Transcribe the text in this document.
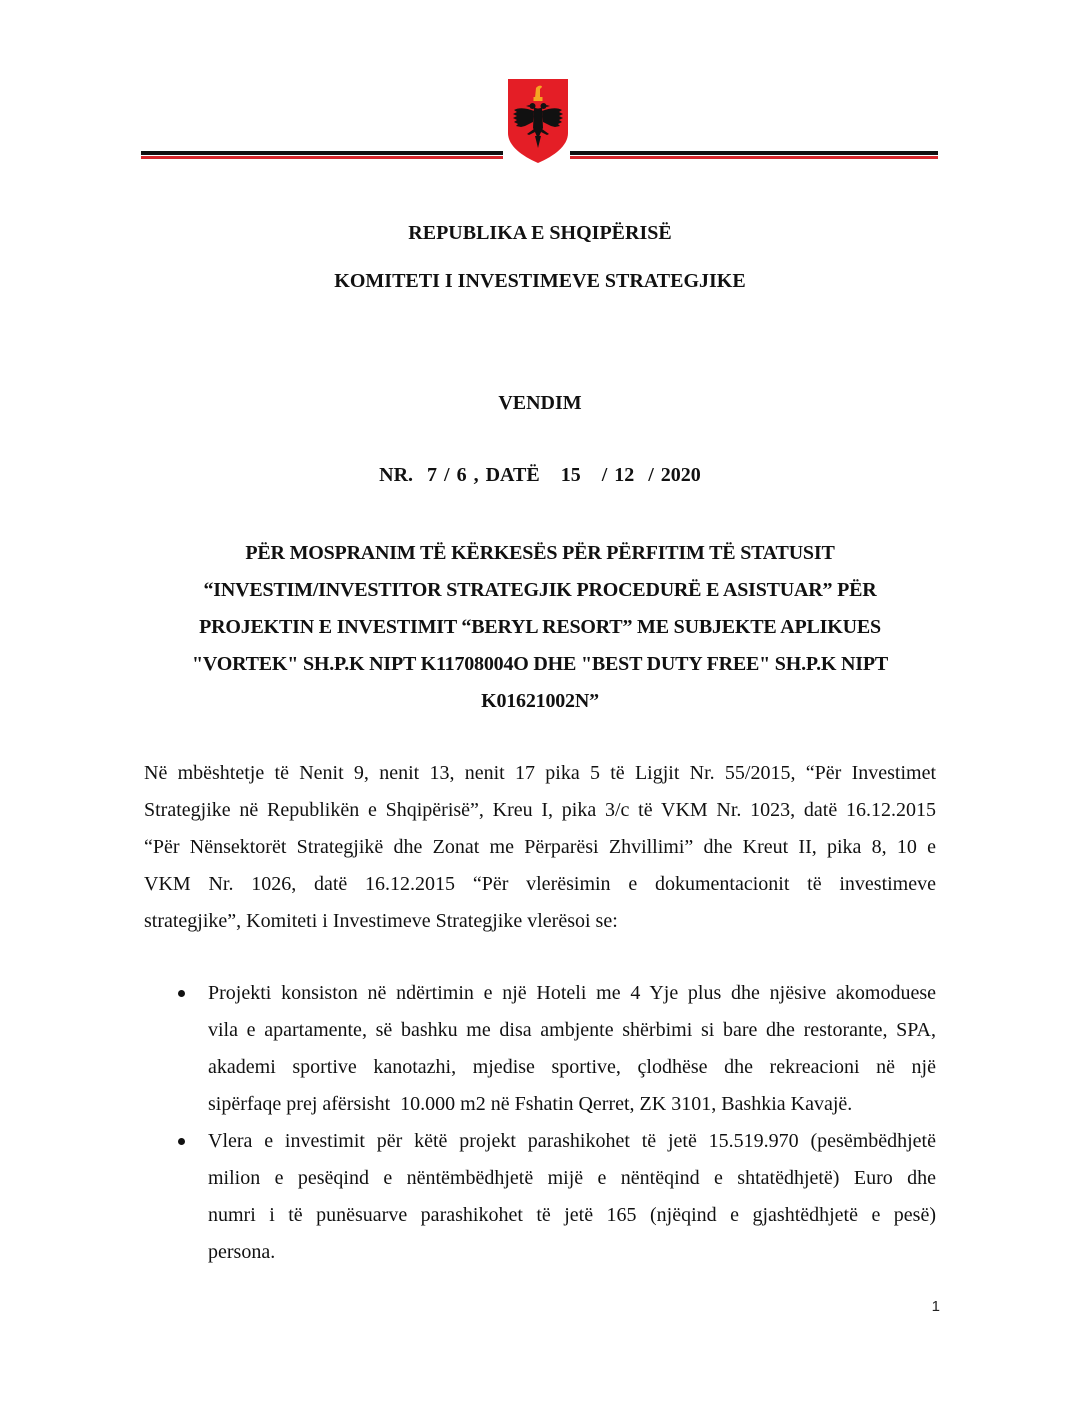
REPUBLIKA E SHQIPËRISË
KOMITETI I INVESTIMEVE STRATEGJIKE
VENDIM
NR.  7 / 6 , DATË   15   / 12  / 2020
PËR MOSPRANIM TË KËRKESËS PËR PËRFITIM TË STATUSIT
“INVESTIM/INVESTITOR STRATEGJIK PROCEDURË E ASISTUAR” PËR
PROJEKTIN E INVESTIMIT “BERYL RESORT” ME SUBJEKTE APLIKUES
"VORTEK" SH.P.K NIPT K11708004O DHE "BEST DUTY FREE" SH.P.K NIPT
K01621002N”
Në mbështetje të Nenit 9, nenit 13, nenit 17 pika 5 të Ligjit Nr. 55/2015, “Për Investimet
Strategjike në Republikën e Shqipërisë”, Kreu I, pika 3/c të VKM Nr. 1023, datë 16.12.2015
“Për Nënsektorët Strategjikë dhe Zonat me Përparësi Zhvillimi” dhe Kreut II, pika 8, 10 e
VKM Nr. 1026, datë 16.12.2015 “Për vlerësimin e dokumentacionit të investimeve
strategjike”, Komiteti i Investimeve Strategjike vlerësoi se:
Projekti konsiston në ndërtimin e një Hoteli me 4 Yje plus dhe njësive akomoduese
vila e apartamente, së bashku me disa ambjente shërbimi si bare dhe restorante, SPA,
akademi sportive kanotazhi, mjedise sportive, çlodhëse dhe rekreacioni në një
sipërfaqe prej afërsisht  10.000 m2 në Fshatin Qerret, ZK 3101, Bashkia Kavajë.
Vlera e investimit për këtë projekt parashikohet të jetë 15.519.970 (pesëmbëdhjetë
milion e pesëqind e nëntëmbëdhjetë mijë e nëntëqind e shtatëdhjetë) Euro dhe
numri i të punësuarve parashikohet të jetë 165 (njëqind e gjashtëdhjetë e pesë)
persona.
1
